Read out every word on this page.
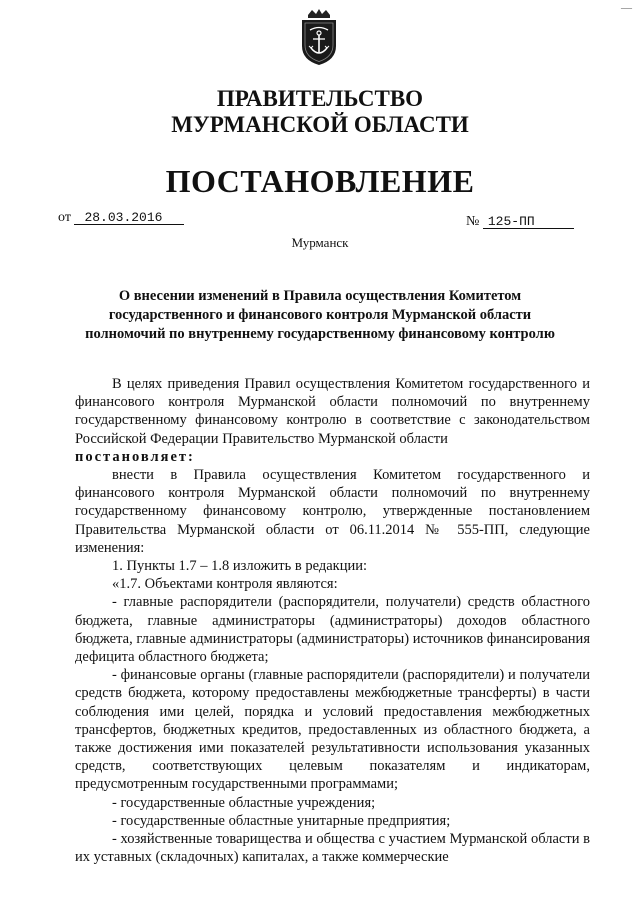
—
ПРАВИТЕЛЬСТВО
МУРМАНСКОЙ ОБЛАСТИ
ПОСТАНОВЛЕНИЕ
от 28.03.2016	№ 125-ПП
Мурманск
О внесении изменений в Правила осуществления Комитетом
государственного и финансового контроля Мурманской области
полномочий по внутреннему государственному финансовому контролю

В целях приведения Правил осуществления Комитетом государственного и финансового контроля Мурманской области полномочий по внутреннему государственному финансовому контролю в соответствие с законодательством Российской Федерации Правительство Мурманской области

постановляет:

внести в Правила осуществления Комитетом государственного и финансового контроля Мурманской области полномочий по внутреннему государственному финансовому контролю, утвержденные постановлением Правительства Мурманской области от 06.11.2014 № 555-ПП, следующие изменения:

1. Пункты 1.7 – 1.8 изложить в редакции:

«1.7. Объектами контроля являются:

- главные распорядители (распорядители, получатели) средств областного бюджета, главные администраторы (администраторы) доходов областного бюджета, главные администраторы (администраторы) источников финансирования дефицита областного бюджета;

- финансовые органы (главные распорядители (распорядители) и получатели средств бюджета, которому предоставлены межбюджетные трансферты) в части соблюдения ими целей, порядка и условий предоставления межбюджетных трансфертов, бюджетных кредитов, предоставленных из областного бюджета, а также достижения ими показателей результативности использования указанных средств, соответствующих целевым показателям и индикаторам, предусмотренным государственными программами;

- государственные областные учреждения;

- государственные областные унитарные предприятия;

- хозяйственные товарищества и общества с участием Мурманской области в их уставных (складочных) капиталах, а также коммерческие
